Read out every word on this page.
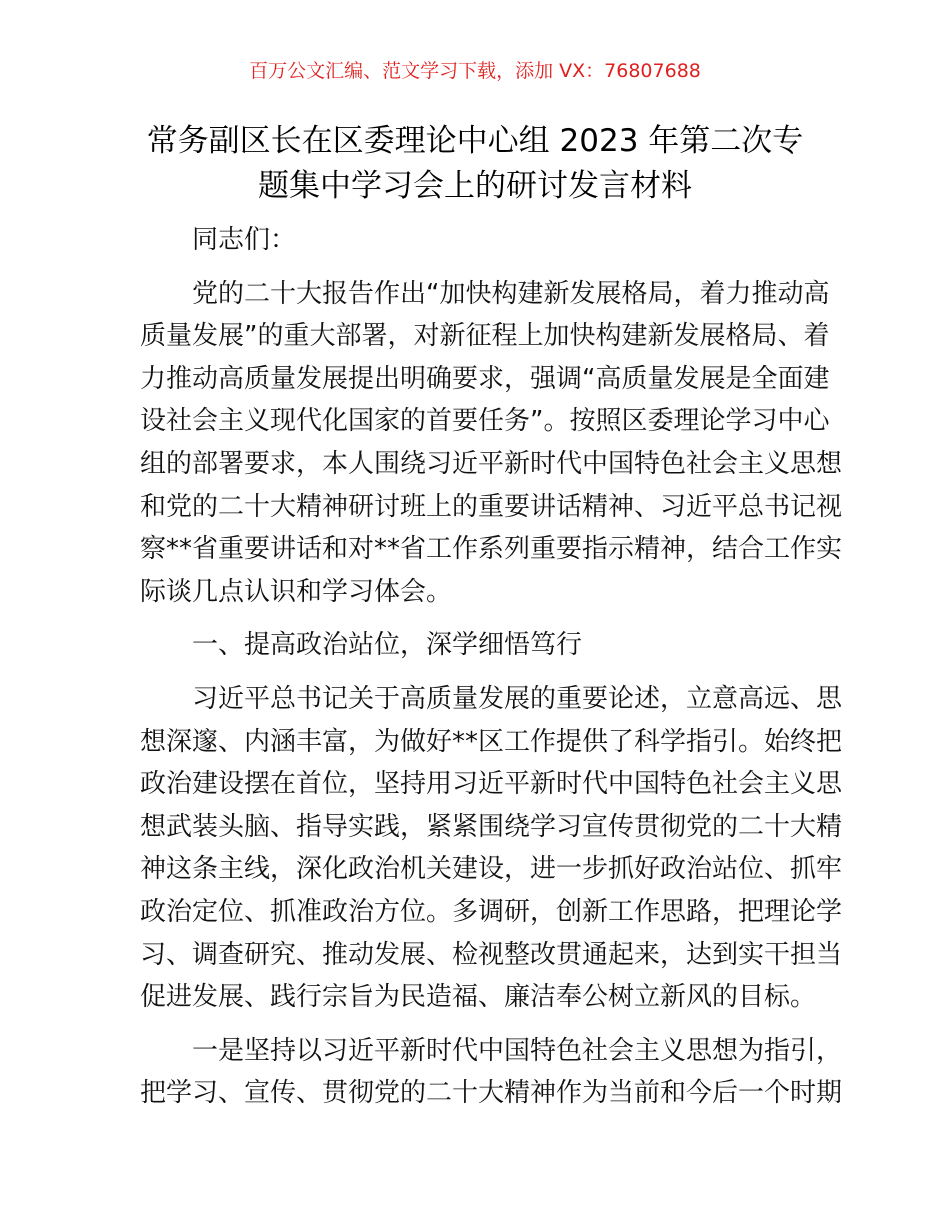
百万公文汇编、范文学习下载，添加 VX：76807688
常务副区长在区委理论中心组 2023 年第二次专
题集中学习会上的研讨发言材料
同志们：
党的二十大报告作出“加快构建新发展格局，着力推动高
质量发展”的重大部署，对新征程上加快构建新发展格局、着
力推动高质量发展提出明确要求，强调“高质量发展是全面建
设社会主义现代化国家的首要任务”。按照区委理论学习中心
组的部署要求，本人围绕习近平新时代中国特色社会主义思想
和党的二十大精神研讨班上的重要讲话精神、习近平总书记视
察**省重要讲话和对**省工作系列重要指示精神，结合工作实
际谈几点认识和学习体会。
一、提高政治站位，深学细悟笃行
习近平总书记关于高质量发展的重要论述，立意高远、思
想深邃、内涵丰富，为做好**区工作提供了科学指引。始终把
政治建设摆在首位，坚持用习近平新时代中国特色社会主义思
想武装头脑、指导实践，紧紧围绕学习宣传贯彻党的二十大精
神这条主线，深化政治机关建设，进一步抓好政治站位、抓牢
政治定位、抓准政治方位。多调研，创新工作思路，把理论学
习、调查研究、推动发展、检视整改贯通起来，达到实干担当
促进发展、践行宗旨为民造福、廉洁奉公树立新风的目标。
一是坚持以习近平新时代中国特色社会主义思想为指引，
把学习、宣传、贯彻党的二十大精神作为当前和今后一个时期
